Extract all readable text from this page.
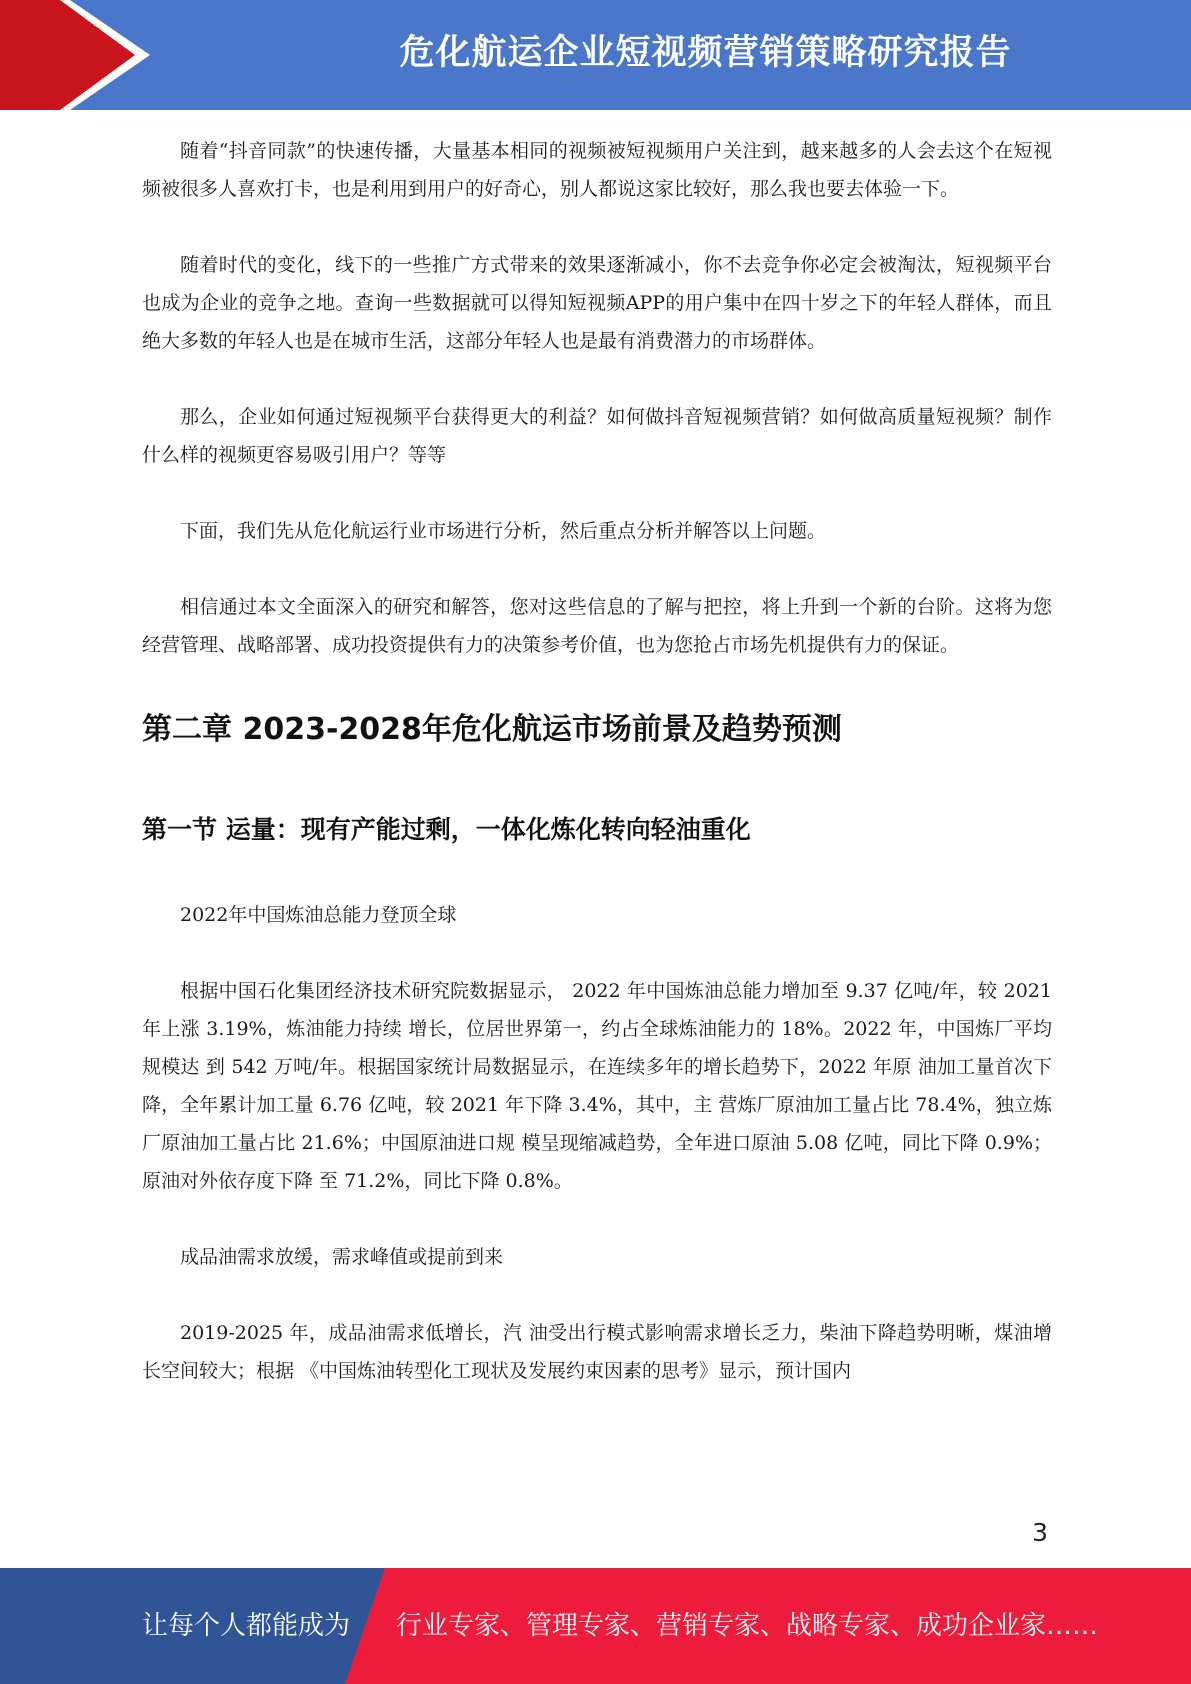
危化航运企业短视频营销策略研究报告

随着“抖音同款”的快速传播，大量基本相同的视频被短视频用户关注到，越来越多的人会去这个在短视频被很多人喜欢打卡，也是利用到用户的好奇心，别人都说这家比较好，那么我也要去体验一下。

随着时代的变化，线下的一些推广方式带来的效果逐渐减小，你不去竞争你必定会被淘汰，短视频平台也成为企业的竞争之地。查询一些数据就可以得知短视频APP的用户集中在四十岁之下的年轻人群体，而且绝大多数的年轻人也是在城市生活，这部分年轻人也是最有消费潜力的市场群体。

那么，企业如何通过短视频平台获得更大的利益？如何做抖音短视频营销？如何做高质量短视频？制作什么样的视频更容易吸引用户？等等

下面，我们先从危化航运行业市场进行分析，然后重点分析并解答以上问题。

相信通过本文全面深入的研究和解答，您对这些信息的了解与把控，将上升到一个新的台阶。这将为您经营管理、战略部署、成功投资提供有力的决策参考价值，也为您抢占市场先机提供有力的保证。

第二章 2023-2028年危化航运市场前景及趋势预测
第一节 运量：现有产能过剩，一体化炼化转向轻油重化

2022年中国炼油总能力登顶全球

根据中国石化集团经济技术研究院数据显示， 2022 年中国炼油总能力增加至 9.37 亿吨/年，较 2021 年上涨 3.19%，炼油能力持续 增长，位居世界第一，约占全球炼油能力的 18%。2022 年，中国炼厂平均规模达 到 542 万吨/年。根据国家统计局数据显示，在连续多年的增长趋势下，2022 年原 油加工量首次下降，全年累计加工量 6.76 亿吨，较 2021 年下降 3.4%，其中，主 营炼厂原油加工量占比 78.4%，独立炼厂原油加工量占比 21.6%；中国原油进口规 模呈现缩减趋势，全年进口原油 5.08 亿吨，同比下降 0.9%；原油对外依存度下降 至 71.2%，同比下降 0.8%。

成品油需求放缓，需求峰值或提前到来

2019-2025 年，成品油需求低增长，汽 油受出行模式影响需求增长乏力，柴油下降趋势明晰，煤油增长空间较大；根据 《中国炼油转型化工现状及发展约束因素的思考》显示，预计国内

3
让每个人都能成为 行业专家、管理专家、营销专家、战略专家、成功企业家……
